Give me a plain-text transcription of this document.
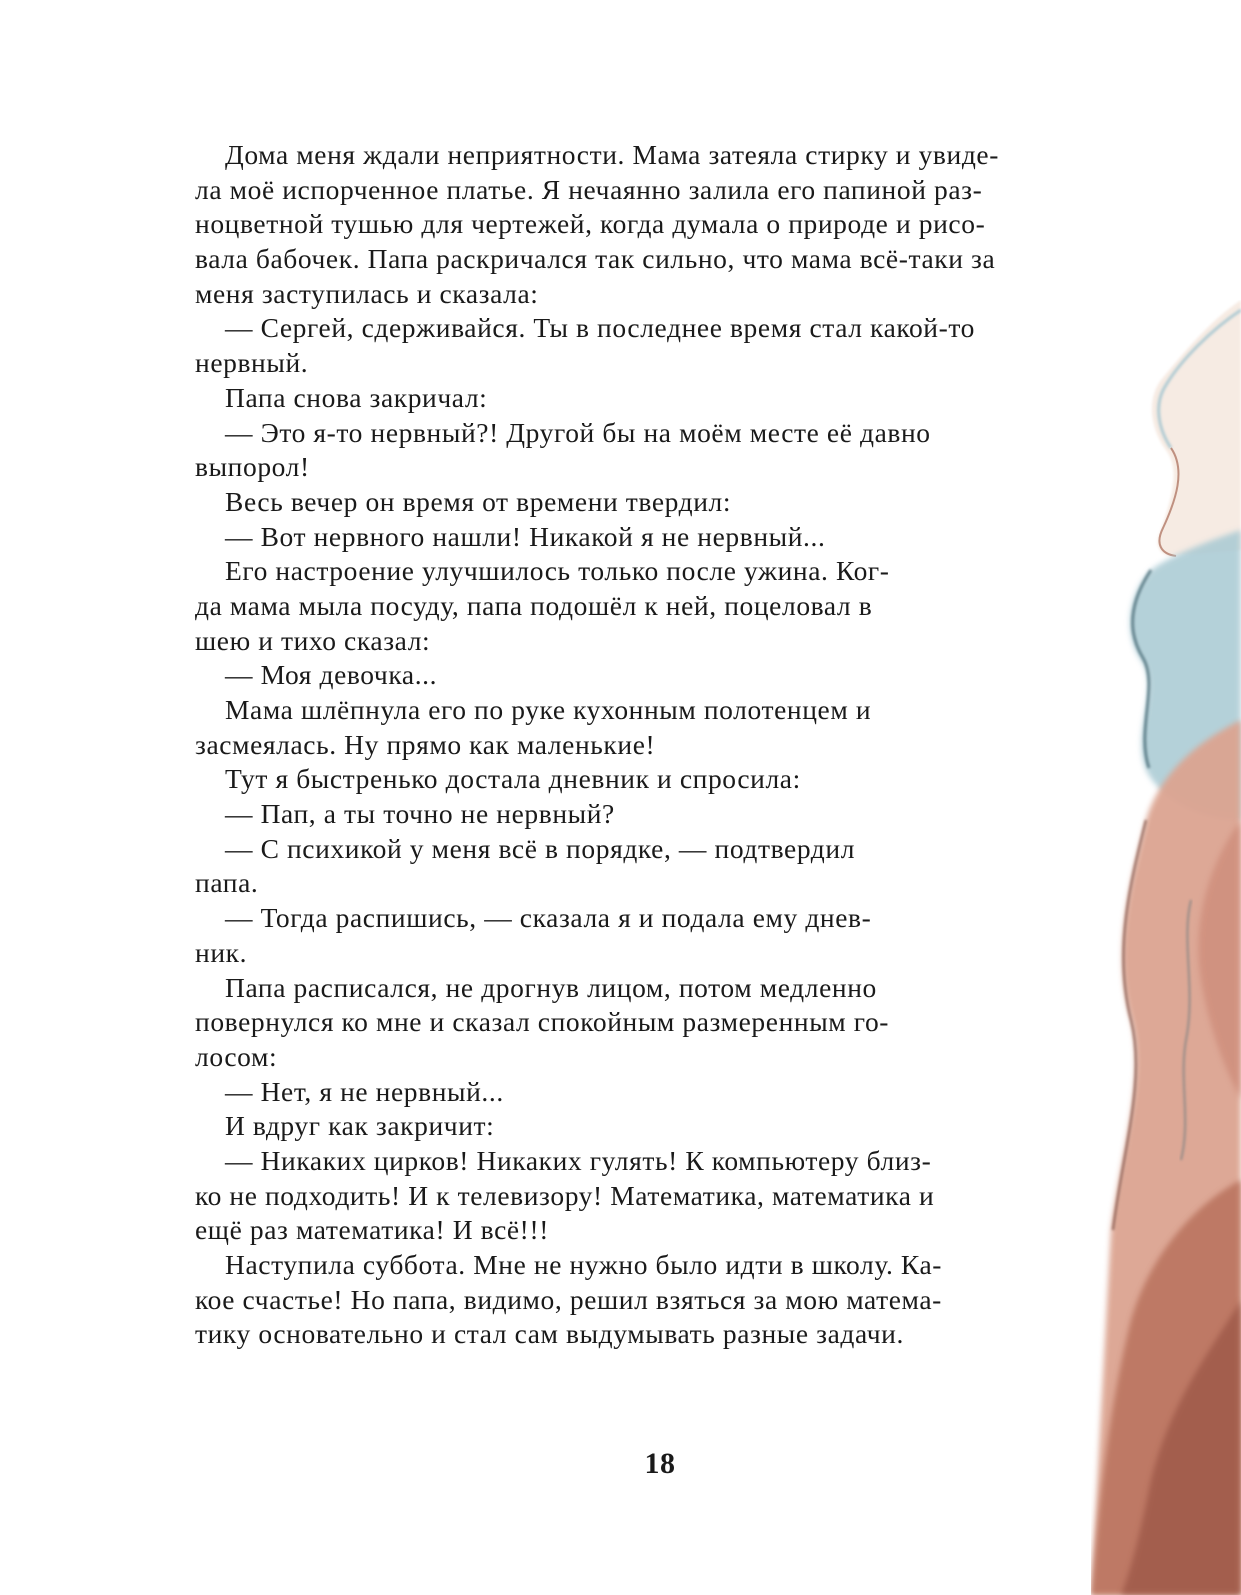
Дома меня ждали неприятности. Мама затеяла стирку и увиде-
ла моё испорченное платье. Я нечаянно залила его папиной раз-
ноцветной тушью для чертежей, когда думала о природе и рисо-
вала бабочек. Папа раскричался так сильно, что мама всё-таки за
меня заступилась и сказала:
— Сергей, сдерживайся. Ты в последнее время стал какой-то
нервный.
Папа снова закричал:
— Это я-то нервный?! Другой бы на моём месте её давно
выпорол!
Весь вечер он время от времени твердил:
— Вот нервного нашли! Никакой я не нервный...
Его настроение улучшилось только после ужина. Ког-
да мама мыла посуду, папа подошёл к ней, поцеловал в
шею и тихо сказал:
— Моя девочка...
Мама шлёпнула его по руке кухонным полотенцем и
засмеялась. Ну прямо как маленькие!
Тут я быстренько достала дневник и спросила:
— Пап, а ты точно не нервный?
— С психикой у меня всё в порядке, — подтвердил
папа.
— Тогда распишись, — сказала я и подала ему днев-
ник.
Папа расписался, не дрогнув лицом, потом медленно
повернулся ко мне и сказал спокойным размеренным го-
лосом:
— Нет, я не нервный...
И вдруг как закричит:
— Никаких цирков! Никаких гулять! К компьютеру близ-
ко не подходить! И к телевизору! Математика, математика и
ещё раз математика! И всё!!!
Наступила суббота. Мне не нужно было идти в школу. Ка-
кое счастье! Но папа, видимо, решил взяться за мою матема-
тику основательно и стал сам выдумывать разные задачи.
18
